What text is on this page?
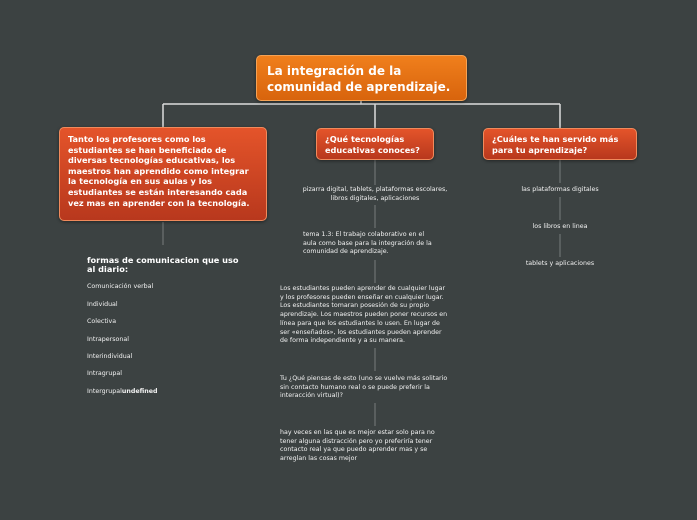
La integración de la comunidad de aprendizaje.
Tanto los profesores como los estudiantes se han beneficiado de diversas tecnologías educativas, los maestros han aprendido como integrar la tecnología en sus aulas y los estudiantes se están interesando cada vez mas en aprender con la tecnología.
¿Qué tecnologías educativas conoces?
¿Cuáles te han servido más para tu aprendizaje?

formas de comunicacion que uso al diario:

Comunicación verbal

Individual

Colectiva

Intrapersonal

Interindividual

Intragrupal

Intergrupalundefined

pizarra digital, tablets, plataformas escolares,
libros digitales, aplicaciones
tema 1.3: El trabajo colaborativo en el
aula como base para la integración de la
comunidad de aprendizaje.
Los estudiantes pueden aprender de cualquier lugar
y los profesores pueden enseñar en cualquier lugar.
Los estudiantes tomaran posesión de su propio
aprendizaje. Los maestros pueden poner recursos en
línea para que los estudiantes lo usen. En lugar de
ser «enseñados», los estudiantes pueden aprender
de forma independiente y a su manera.
Tu ¿Qué piensas de esto (uno se vuelve más solitario
sin contacto humano real o se puede preferir la
interacción virtual)?
hay veces en las que es mejor estar solo para no
tener alguna distracción pero yo preferiría tener
contacto real ya que puedo aprender mas y se
arreglan las cosas mejor
las plataformas digitales
los libros en linea
tablets y aplicaciones
